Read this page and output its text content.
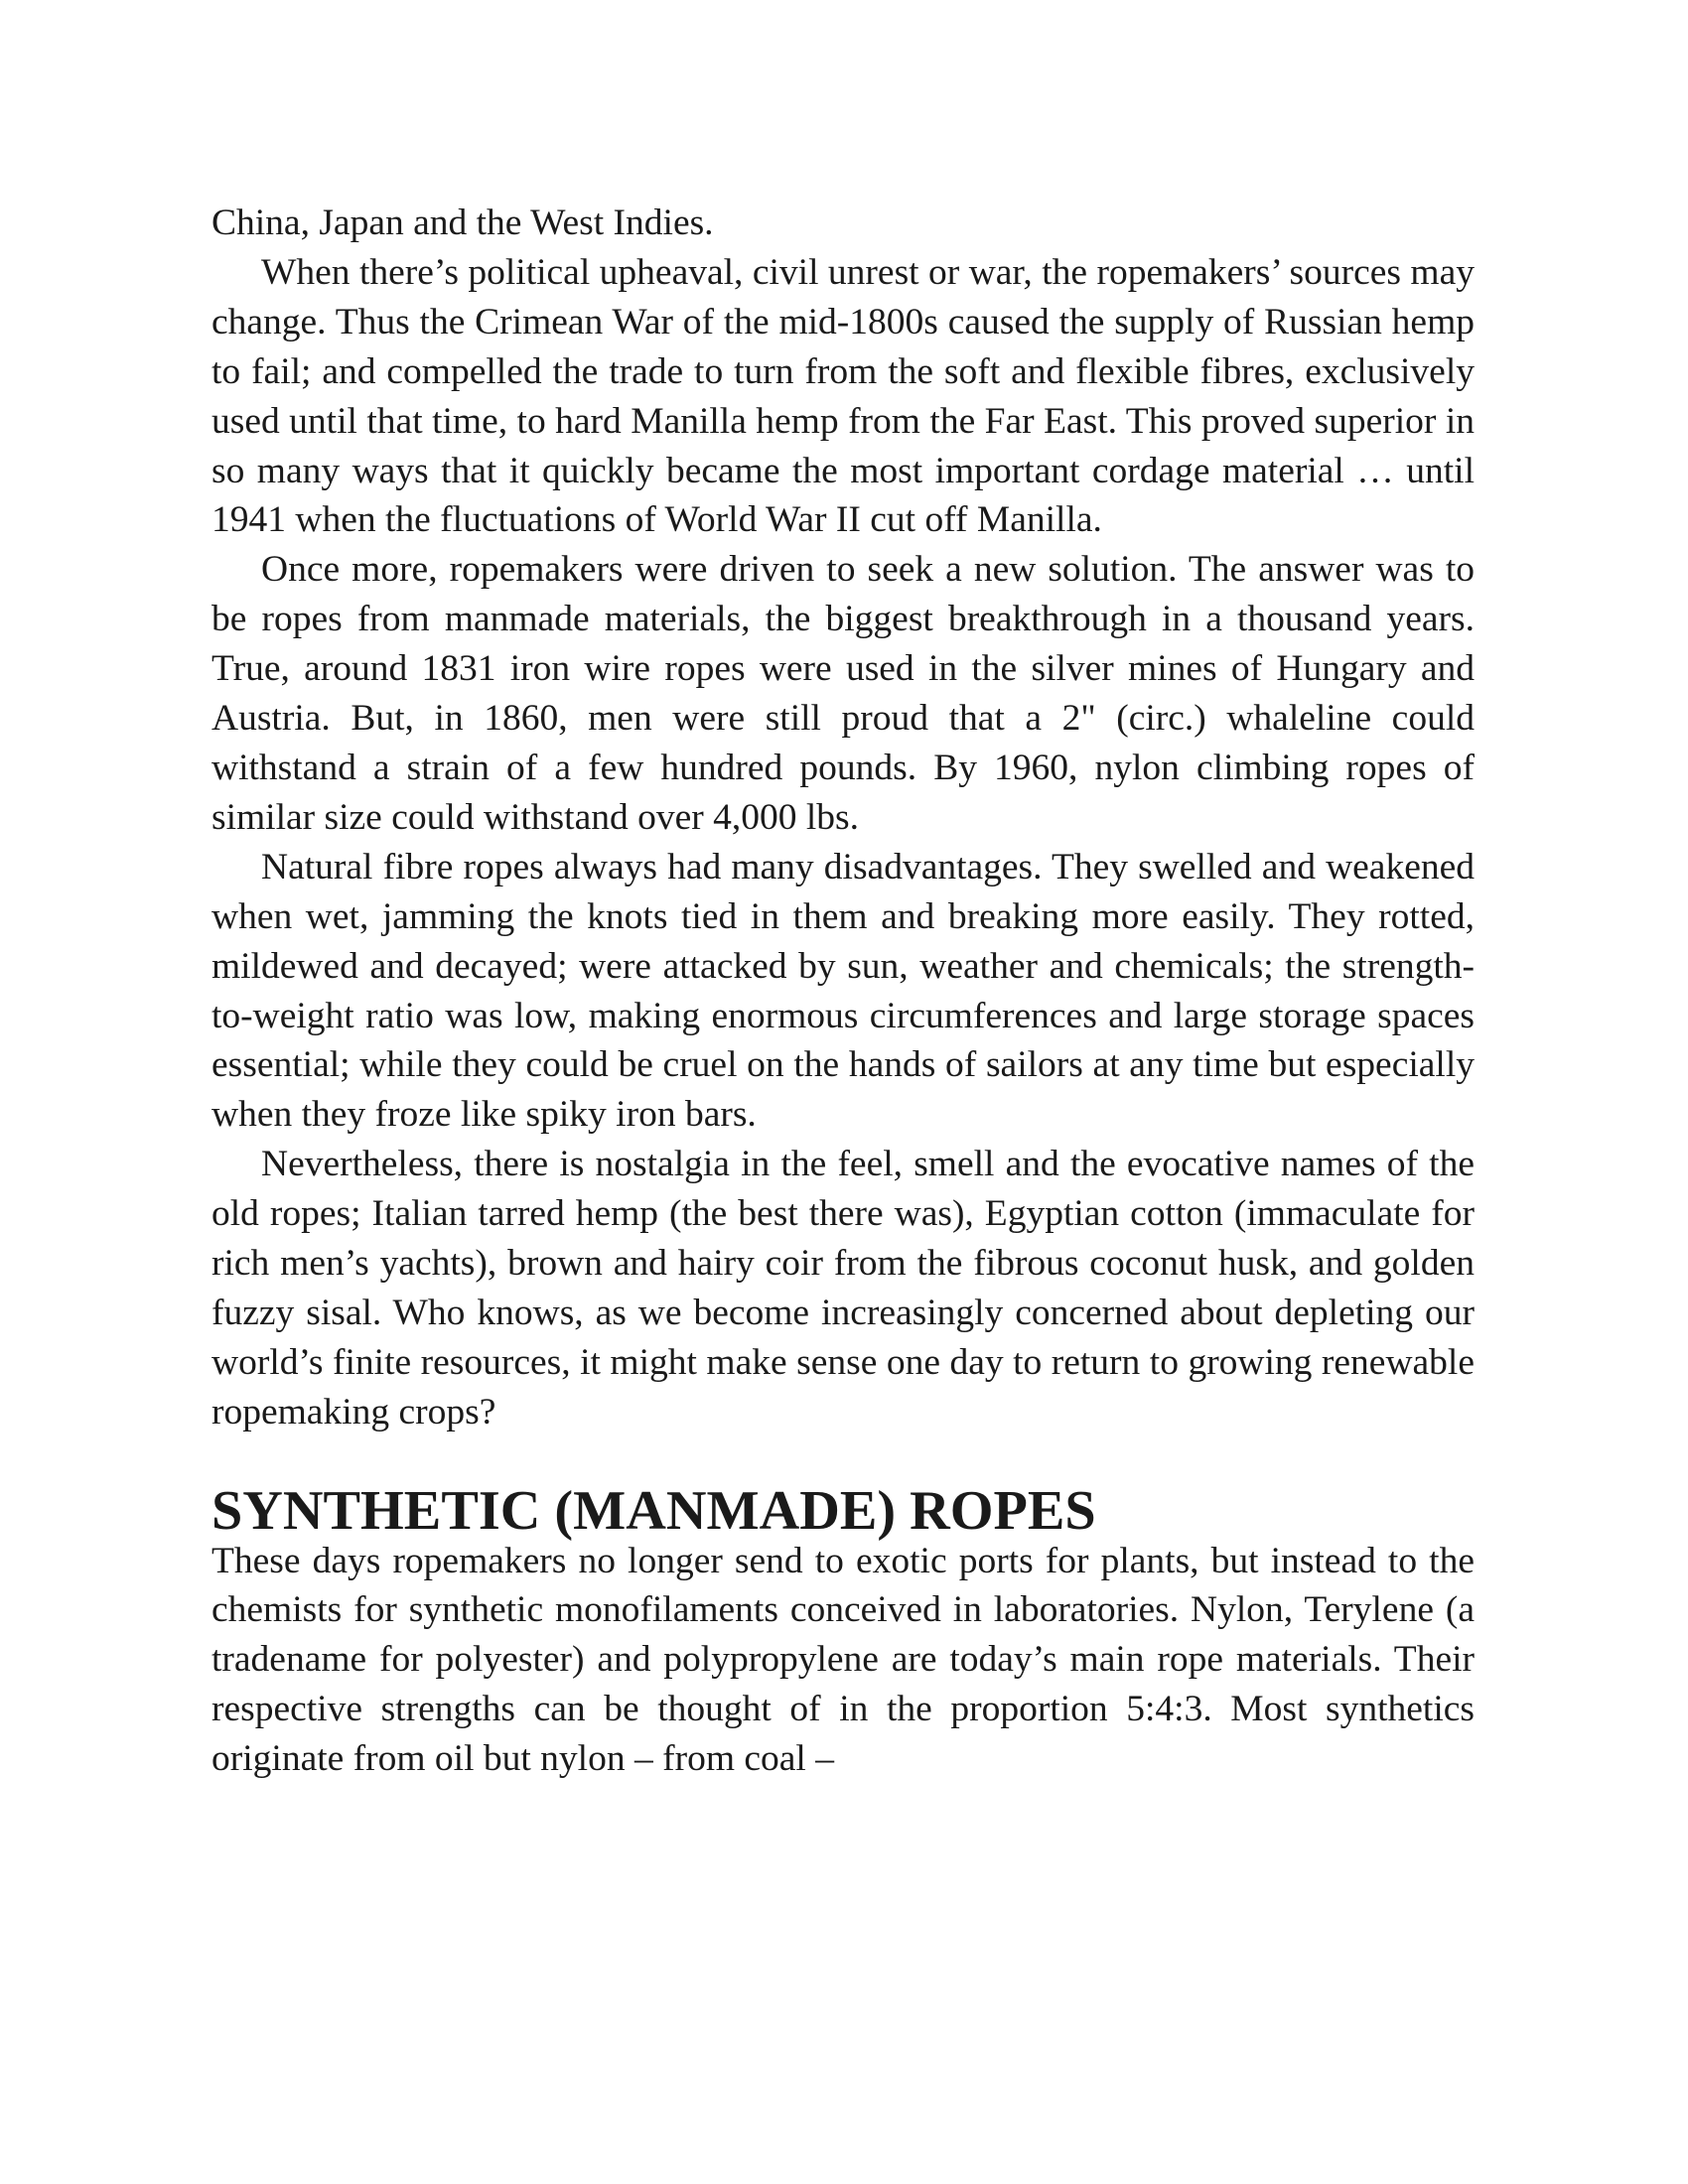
China, Japan and the West Indies.

When there’s political upheaval, civil unrest or war, the ropemakers’ sources may change. Thus the Crimean War of the mid-1800s caused the supply of Russian hemp to fail; and compelled the trade to turn from the soft and flexible fibres, exclusively used until that time, to hard Manilla hemp from the Far East. This proved superior in so many ways that it quickly became the most important cordage material … until 1941 when the fluctuations of World War II cut off Manilla.

Once more, ropemakers were driven to seek a new solution. The answer was to be ropes from manmade materials, the biggest breakthrough in a thousand years. True, around 1831 iron wire ropes were used in the silver mines of Hungary and Austria. But, in 1860, men were still proud that a 2" (circ.) whaleline could withstand a strain of a few hundred pounds. By 1960, nylon climbing ropes of similar size could withstand over 4,000 lbs.

Natural fibre ropes always had many disadvantages. They swelled and weakened when wet, jamming the knots tied in them and breaking more easily. They rotted, mildewed and decayed; were attacked by sun, weather and chemicals; the strength-to-weight ratio was low, making enormous circumferences and large storage spaces essential; while they could be cruel on the hands of sailors at any time but especially when they froze like spiky iron bars.

Nevertheless, there is nostalgia in the feel, smell and the evocative names of the old ropes; Italian tarred hemp (the best there was), Egyptian cotton (immaculate for rich men’s yachts), brown and hairy coir from the fibrous coconut husk, and golden fuzzy sisal. Who knows, as we become increasingly concerned about depleting our world’s finite resources, it might make sense one day to return to growing renewable ropemaking crops?

SYNTHETIC (MANMADE) ROPES

These days ropemakers no longer send to exotic ports for plants, but instead to the chemists for synthetic monofilaments conceived in laboratories. Nylon, Terylene (a tradename for polyester) and polypropylene are today’s main rope materials. Their respective strengths can be thought of in the proportion 5:4:3. Most synthetics originate from oil but nylon – from coal –
